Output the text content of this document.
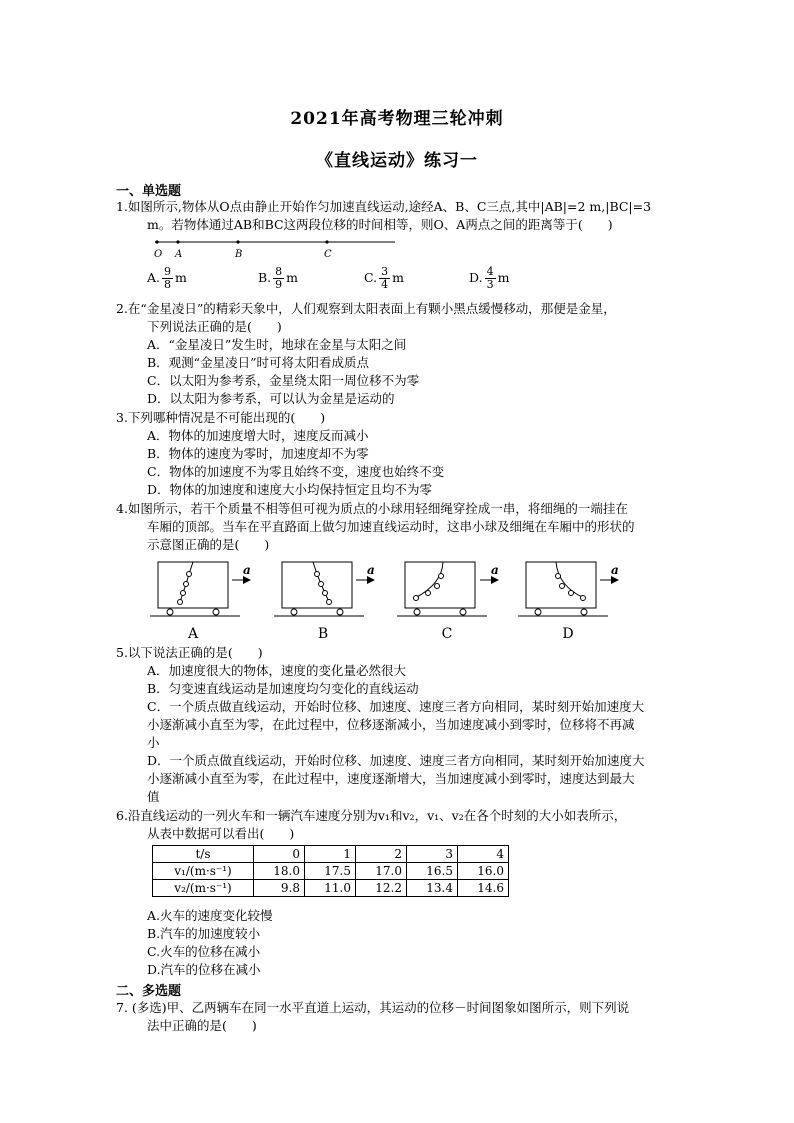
2021年高考物理三轮冲刺
《直线运动》练习一
一、单选题
1.如图所示,物体从O点由静止开始作匀加速直线运动,途经A、B、C三点,其中|AB|=2 m,|BC|=3
m。若物体通过AB和BC这两段位移的时间相等，则O、A两点之间的距离等于(　　)
O A	B	C
A. $\frac{9}{8}$ m	B. $\frac{8}{9}$ m	C. $\frac{3}{4}$ m	D. $\frac{4}{3}$ m
2.在“金星凌日”的精彩天象中，人们观察到太阳表面上有颗小黑点缓慢移动，那便是金星，
下列说法正确的是(　　)
A．“金星凌日”发生时，地球在金星与太阳之间
B．观测“金星凌日”时可将太阳看成质点
C．以太阳为参考系，金星绕太阳一周位移不为零
D．以太阳为参考系，可以认为金星是运动的
3.下列哪种情况是不可能出现的(　　)
A．物体的加速度增大时，速度反而减小
B．物体的速度为零时，加速度却不为零
C．物体的加速度不为零且始终不变，速度也始终不变
D．物体的加速度和速度大小均保持恒定且均不为零
4.如图所示，若干个质量不相等但可视为质点的小球用轻细绳穿拴成一串，将细绳的一端挂在
车厢的顶部。当车在平直路面上做匀加速直线运动时，这串小球及细绳在车厢中的形状的
示意图正确的是(　　)
a	a	a	a
A	B	C	D
5.以下说法正确的是(　　)
A．加速度很大的物体，速度的变化量必然很大
B．匀变速直线运动是加速度均匀变化的直线运动
C．一个质点做直线运动，开始时位移、加速度、速度三者方向相同，某时刻开始加速度大
小逐渐减小直至为零，在此过程中，位移逐渐减小，当加速度减小到零时，位移将不再减
小
D．一个质点做直线运动，开始时位移、加速度、速度三者方向相同，某时刻开始加速度大
小逐渐减小直至为零，在此过程中，速度逐渐增大，当加速度减小到零时，速度达到最大
值
6.沿直线运动的一列火车和一辆汽车速度分别为v₁和v₂，v₁、v₂在各个时刻的大小如表所示，
从表中数据可以看出(　　)
t/s	0	1	2	3	4
v₁/(m·s⁻¹)	18.0	17.5	17.0	16.5	16.0
v₂/(m·s⁻¹)	9.8	11.0	12.2	13.4	14.6
A.火车的速度变化较慢
B.汽车的加速度较小
C.火车的位移在减小
D.汽车的位移在减小
二、多选题
7. (多选)甲、乙两辆车在同一水平直道上运动，其运动的位移－时间图象如图所示，则下列说
法中正确的是(　　)
